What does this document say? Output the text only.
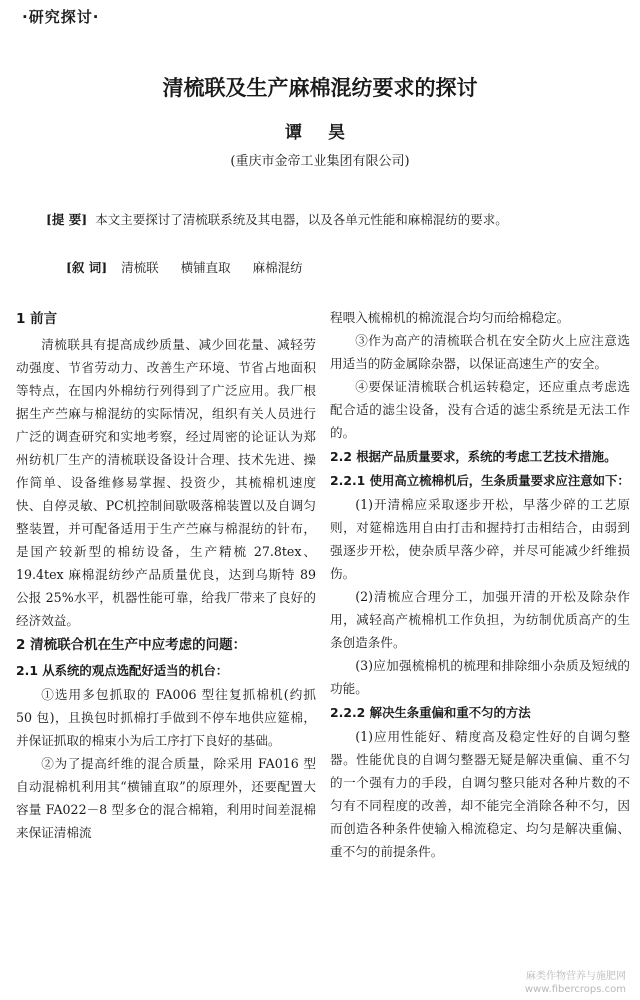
·研究探讨·
清梳联及生产麻棉混纺要求的探讨
谭 昊
(重庆市金帝工业集团有限公司)
[提 要] 本文主要探讨了清梳联系统及其电器，以及各单元性能和麻棉混纺的要求。
[叙 词] 清梳联 横铺直取 麻棉混纺
1 前言

清梳联具有提高成纱质量、减少回花量、减轻劳动强度、节省劳动力、改善生产环境、节省占地面积等特点，在国内外棉纺行列得到了广泛应用。我厂根据生产苎麻与棉混纺的实际情况，组织有关人员进行广泛的调查研究和实地考察，经过周密的论证认为郑州纺机厂生产的清梳联设备设计合理、技术先进、操作简单、设备维修易掌握、投资少，其梳棉机速度快、自停灵敏、PC机控制间歇吸落棉装置以及自调匀整装置，并可配备适用于生产苎麻与棉混纺的针布，是国产较新型的棉纺设备，生产精梳 27.8tex、19.4tex 麻棉混纺纱产品质量优良，达到乌斯特 89 公报 25%水平，机器性能可靠，给我厂带来了良好的经济效益。

2 清梳联合机在生产中应考虑的问题：
2.1 从系统的观点选配好适当的机台：

①选用多包抓取的 FA006 型往复抓棉机(约抓 50 包)，且换包时抓棉打手做到不停车地供应筵棉，并保证抓取的棉束小为后工序打下良好的基础。

②为了提高纤维的混合质量，除采用 FA016 型自动混棉机利用其“横铺直取”的原理外，还要配置大容量 FA022－8 型多仓的混合棉箱，利用时间差混棉来保证清棉流

程喂入梳棉机的棉流混合均匀而给棉稳定。

③作为高产的清梳联合机在安全防火上应注意选用适当的防金属除杂器，以保证高速生产的安全。

④要保证清梳联合机运转稳定，还应重点考虑选配合适的滤尘设备，没有合适的滤尘系统是无法工作的。

2.2 根据产品质量要求，系统的考虑工艺技术措施。
2.2.1 使用高立梳棉机后，生条质量要求应注意如下：

(1)开清棉应采取逐步开松，早落少碎的工艺原则，对筵棉选用自由打击和握持打击相结合，由弱到强逐步开松，使杂质早落少碎，并尽可能减少纤维损伤。

(2)清梳应合理分工，加强开清的开松及除杂作用，减轻高产梳棉机工作负担，为纺制优质高产的生条创造条件。

(3)应加强梳棉机的梳理和排除细小杂质及短绒的功能。

2.2.2 解决生条重偏和重不匀的方法

(1)应用性能好、精度高及稳定性好的自调匀整器。性能优良的自调匀整器无疑是解决重偏、重不匀的一个强有力的手段，自调匀整只能对各种片数的不匀有不同程度的改善，却不能完全消除各种不匀，因而创造各种条件使输入棉流稳定、均匀是解决重偏、重不匀的前提条件。

麻类作物营养与施肥网
www.fibercrops.com
